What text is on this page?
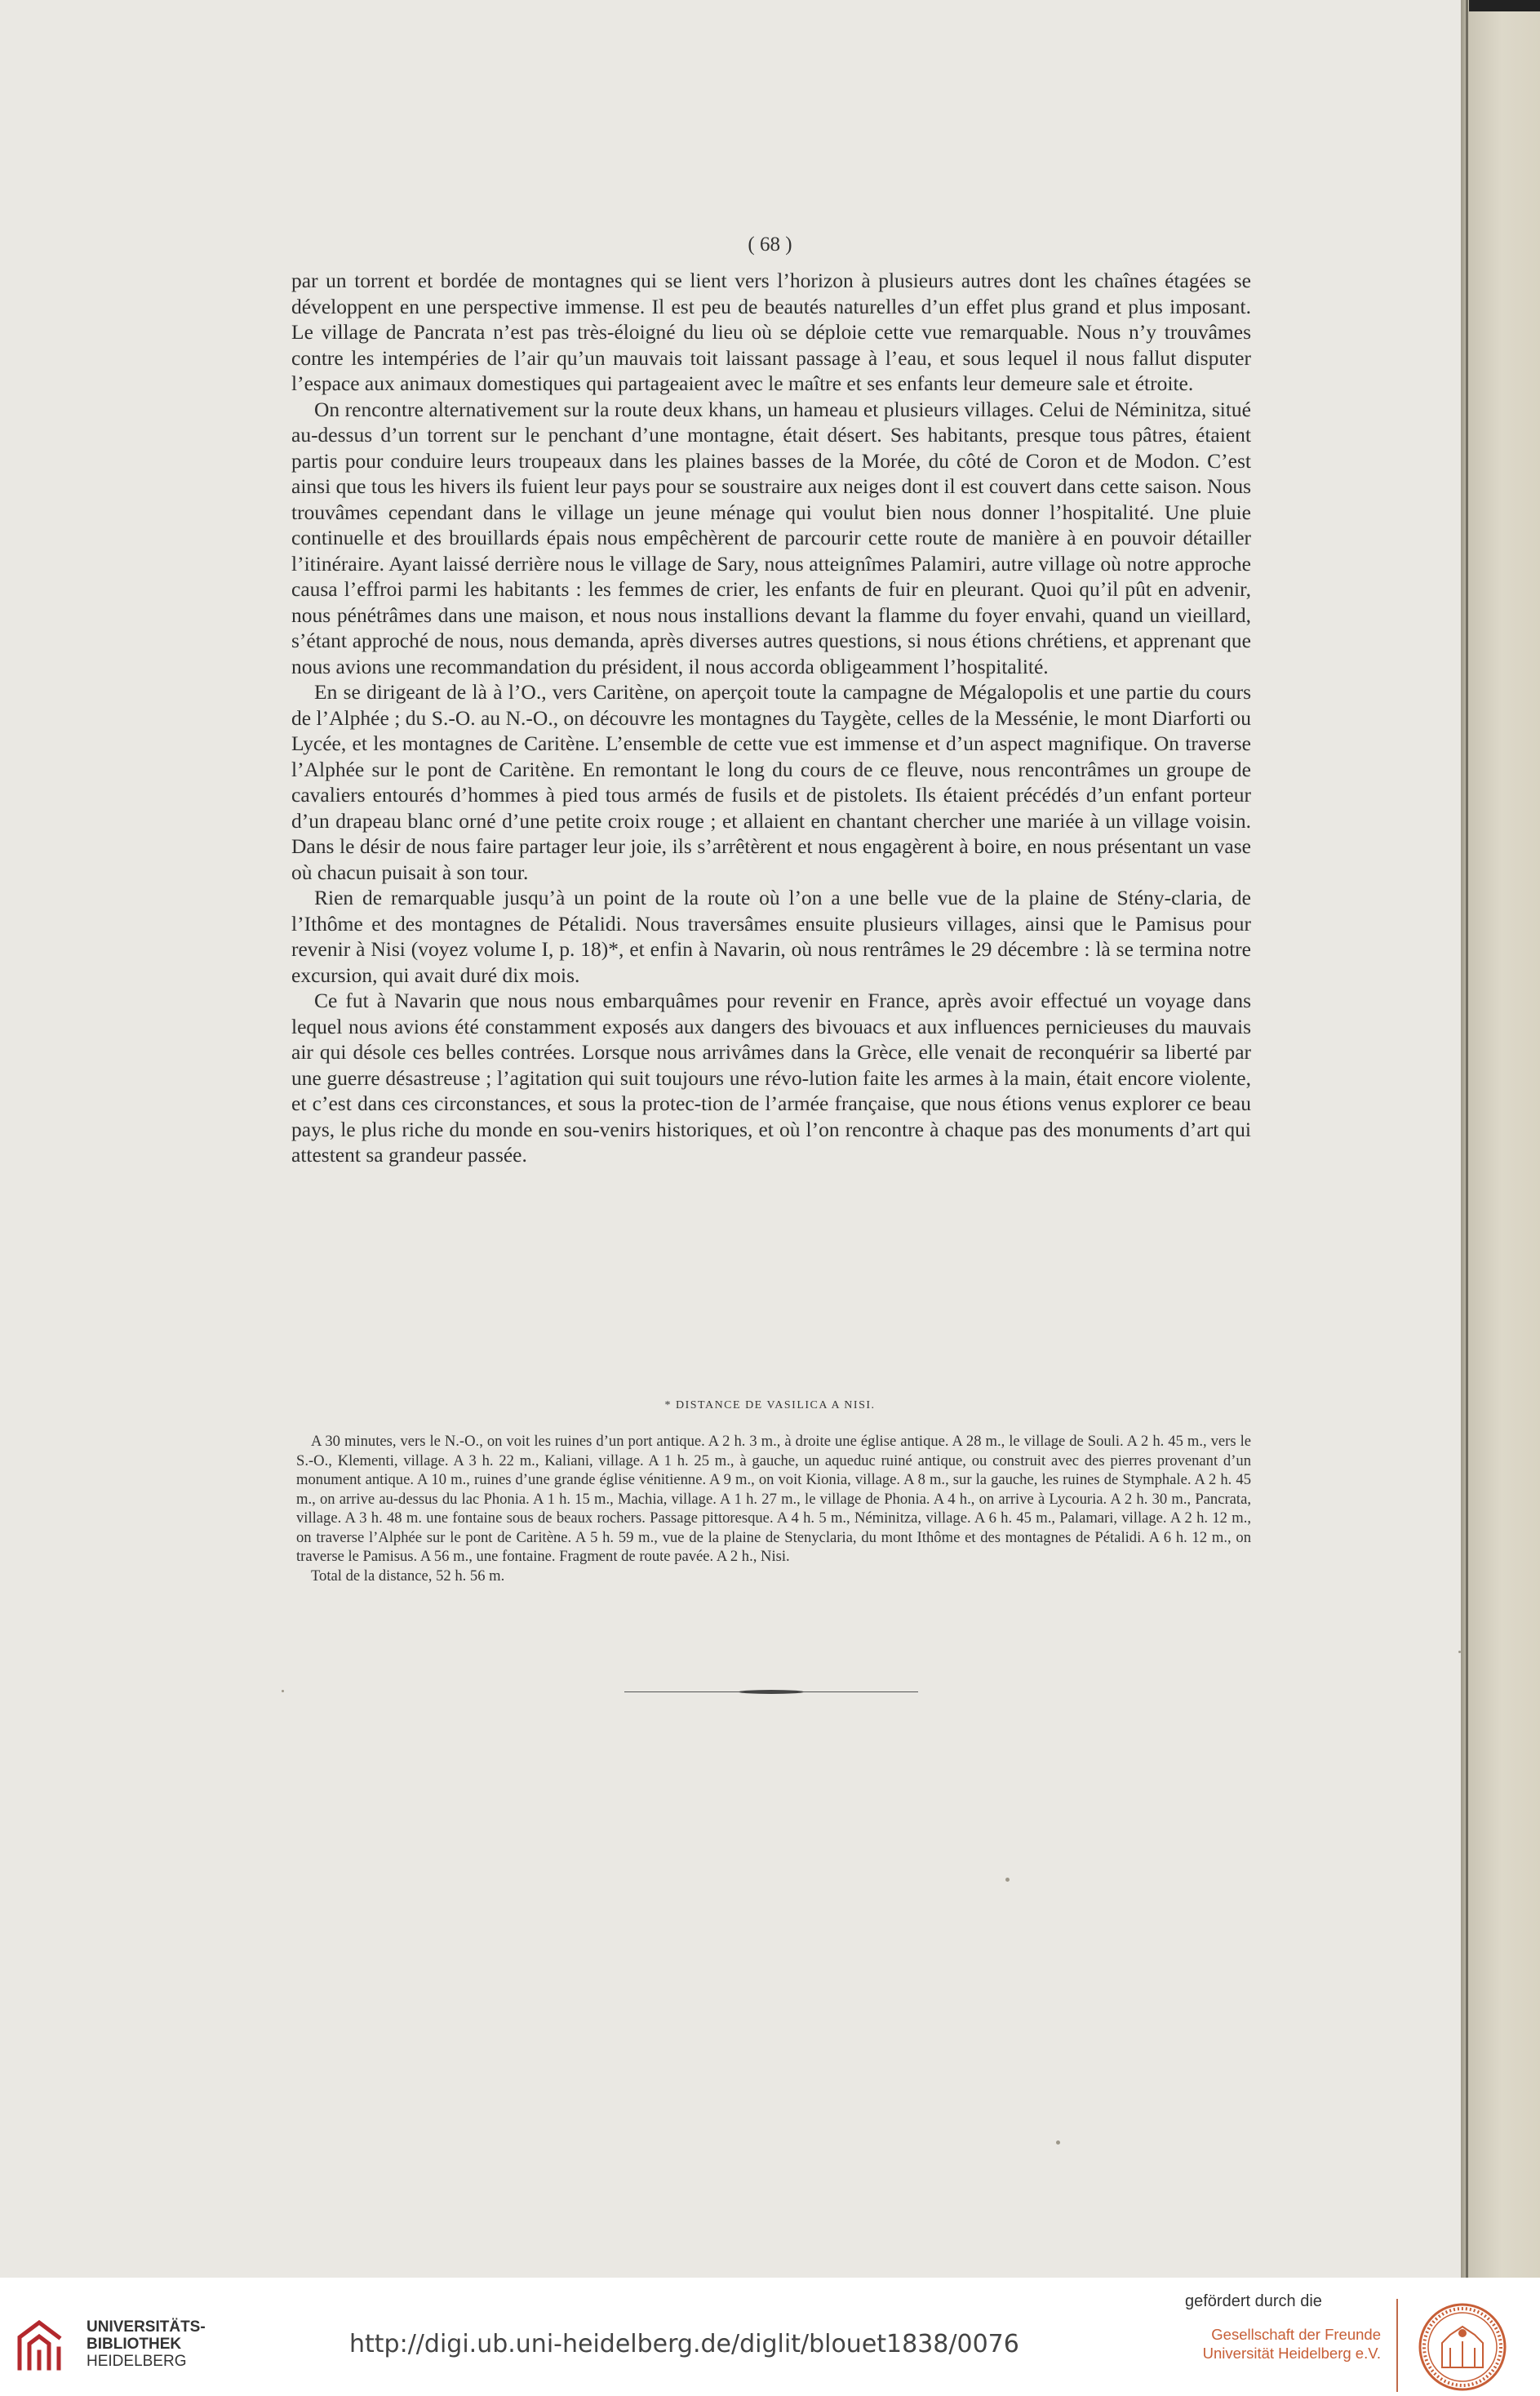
( 68 )

par un torrent et bordée de montagnes qui se lient vers l’horizon à plusieurs autres dont les chaînes étagées se développent en une perspective immense. Il est peu de beautés naturelles d’un effet plus grand et plus imposant. Le village de Pancrata n’est pas très-éloigné du lieu où se déploie cette vue remarquable. Nous n’y trouvâmes contre les intempéries de l’air qu’un mauvais toit laissant passage à l’eau, et sous lequel il nous fallut disputer l’espace aux animaux domestiques qui partageaient avec le maître et ses enfants leur demeure sale et étroite.

On rencontre alternativement sur la route deux khans, un hameau et plusieurs villages. Celui de Néminitza, situé au-dessus d’un torrent sur le penchant d’une montagne, était désert. Ses habitants, presque tous pâtres, étaient partis pour conduire leurs troupeaux dans les plaines basses de la Morée, du côté de Coron et de Modon. C’est ainsi que tous les hivers ils fuient leur pays pour se soustraire aux neiges dont il est couvert dans cette saison. Nous trouvâmes cependant dans le village un jeune ménage qui voulut bien nous donner l’hospitalité. Une pluie continuelle et des brouillards épais nous empêchèrent de parcourir cette route de manière à en pouvoir détailler l’itinéraire. Ayant laissé derrière nous le village de Sary, nous atteignîmes Palamiri, autre village où notre approche causa l’effroi parmi les habitants : les femmes de crier, les enfants de fuir en pleurant. Quoi qu’il pût en advenir, nous pénétrâmes dans une maison, et nous nous installions devant la flamme du foyer envahi, quand un vieillard, s’étant approché de nous, nous demanda, après diverses autres questions, si nous étions chrétiens, et apprenant que nous avions une recommandation du président, il nous accorda obligeamment l’hospitalité.

En se dirigeant de là à l’O., vers Caritène, on aperçoit toute la campagne de Mégalopolis et une partie du cours de l’Alphée ; du S.-O. au N.-O., on découvre les montagnes du Taygète, celles de la Messénie, le mont Diarforti ou Lycée, et les montagnes de Caritène. L’ensemble de cette vue est immense et d’un aspect magnifique. On traverse l’Alphée sur le pont de Caritène. En remontant le long du cours de ce fleuve, nous rencontrâmes un groupe de cavaliers entourés d’hommes à pied tous armés de fusils et de pistolets. Ils étaient précédés d’un enfant porteur d’un drapeau blanc orné d’une petite croix rouge ; et allaient en chantant chercher une mariée à un village voisin. Dans le désir de nous faire partager leur joie, ils s’arrêtèrent et nous engagèrent à boire, en nous présentant un vase où chacun puisait à son tour.

Rien de remarquable jusqu’à un point de la route où l’on a une belle vue de la plaine de Stény-claria, de l’Ithôme et des montagnes de Pétalidi. Nous traversâmes ensuite plusieurs villages, ainsi que le Pamisus pour revenir à Nisi (voyez volume I, p. 18)*, et enfin à Navarin, où nous rentrâmes le 29 décembre : là se termina notre excursion, qui avait duré dix mois.

Ce fut à Navarin que nous nous embarquâmes pour revenir en France, après avoir effectué un voyage dans lequel nous avions été constamment exposés aux dangers des bivouacs et aux influences pernicieuses du mauvais air qui désole ces belles contrées. Lorsque nous arrivâmes dans la Grèce, elle venait de reconquérir sa liberté par une guerre désastreuse ; l’agitation qui suit toujours une révo-lution faite les armes à la main, était encore violente, et c’est dans ces circonstances, et sous la protec-tion de l’armée française, que nous étions venus explorer ce beau pays, le plus riche du monde en sou-venirs historiques, et où l’on rencontre à chaque pas des monuments d’art qui attestent sa grandeur passée.

* DISTANCE DE VASILICA A NISI.

A 30 minutes, vers le N.-O., on voit les ruines d’un port antique. A 2 h. 3 m., à droite une église antique. A 28 m., le village de Souli. A 2 h. 45 m., vers le S.-O., Klementi, village. A 3 h. 22 m., Kaliani, village. A 1 h. 25 m., à gauche, un aqueduc ruiné antique, ou construit avec des pierres provenant d’un monument antique. A 10 m., ruines d’une grande église vénitienne. A 9 m., on voit Kionia, village. A 8 m., sur la gauche, les ruines de Stymphale. A 2 h. 45 m., on arrive au-dessus du lac Phonia. A 1 h. 15 m., Machia, village. A 1 h. 27 m., le village de Phonia. A 4 h., on arrive à Lycouria. A 2 h. 30 m., Pancrata, village. A 3 h. 48 m. une fontaine sous de beaux rochers. Passage pittoresque. A 4 h. 5 m., Néminitza, village. A 6 h. 45 m., Palamari, village. A 2 h. 12 m., on traverse l’Alphée sur le pont de Caritène. A 5 h. 59 m., vue de la plaine de Stenyclaria, du mont Ithôme et des montagnes de Pétalidi. A 6 h. 12 m., on traverse le Pamisus. A 56 m., une fontaine. Fragment de route pavée. A 2 h., Nisi.

Total de la distance, 52 h. 56 m.

UNIVERSITÄTS-
BIBLIOTHEK
HEIDELBERG
http://digi.ub.uni-heidelberg.de/diglit/blouet1838/0076
gefördert durch die
Gesellschaft der Freunde
Universität Heidelberg e.V.
